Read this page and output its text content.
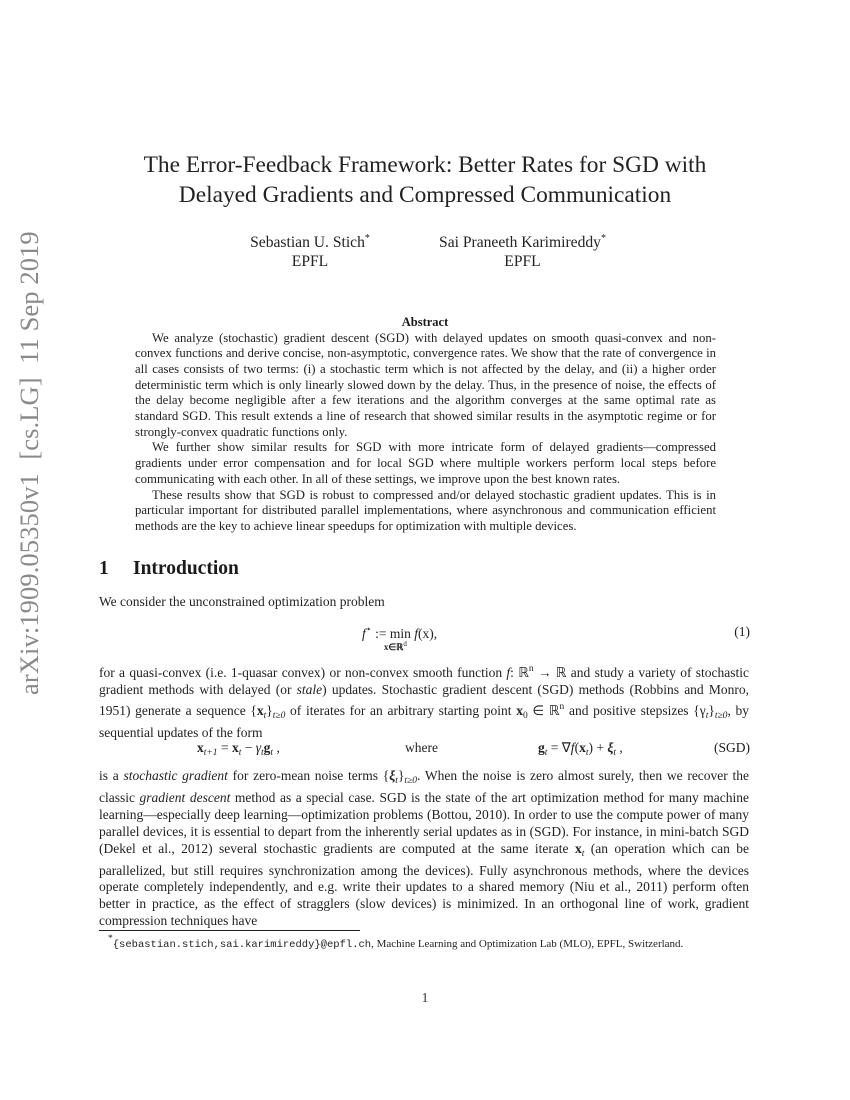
arXiv:1909.05350v1  [cs.LG]  11 Sep 2019
The Error-Feedback Framework: Better Rates for SGD with
Delayed Gradients and Compressed Communication
Sebastian U. Stich*
EPFL
Sai Praneeth Karimireddy*
EPFL
Abstract

We analyze (stochastic) gradient descent (SGD) with delayed updates on smooth quasi-convex and non-convex functions and derive concise, non-asymptotic, convergence rates. We show that the rate of convergence in all cases consists of two terms: (i) a stochastic term which is not affected by the delay, and (ii) a higher order deterministic term which is only linearly slowed down by the delay. Thus, in the presence of noise, the effects of the delay become negligible after a few iterations and the algorithm converges at the same optimal rate as standard SGD. This result extends a line of research that showed similar results in the asymptotic regime or for strongly-convex quadratic functions only.

We further show similar results for SGD with more intricate form of delayed gradients—compressed gradients under error compensation and for local SGD where multiple workers perform local steps before communicating with each other. In all of these settings, we improve upon the best known rates.

These results show that SGD is robust to compressed and/or delayed stochastic gradient updates. This is in particular important for distributed parallel implementations, where asynchronous and communication efficient methods are the key to achieve linear speedups for optimization with multiple devices.

1 Introduction
We consider the unconstrained optimization problem
f⋆ := min
x∈ℝ$^d$
f(x),	(1)

for a quasi-convex (i.e. 1-quasar convex) or non-convex smooth function f: ℝ$^n$ → ℝ and study a variety of stochastic gradient methods with delayed (or stale) updates. Stochastic gradient descent (SGD) methods (Robbins and Monro, 1951) generate a sequence $\{x_t\}_{t\ge 0}$ of iterates for an arbitrary starting point $x_0$ ∈ ℝ$^n$ and positive stepsizes $\{\gamma_t\}_{t\ge 0}$, by sequential updates of the form

$x_{t+1} = x_t - \gamma_tg_t$ ,	where	$g_t = \nabla f(x_t) + \xi_t$ ,	(SGD)

is a stochastic gradient for zero-mean noise terms $\{\xi_t\}_{t\ge 0}$. When the noise is zero almost surely, then we recover the classic gradient descent method as a special case. SGD is the state of the art optimization method for many machine learning—especially deep learning—optimization problems (Bottou, 2010). In order to use the compute power of many parallel devices, it is essential to depart from the inherently serial updates as in (SGD). For instance, in mini-batch SGD (Dekel et al., 2012) several stochastic gradients are computed at the same iterate $x_t$ (an operation which can be parallelized, but still requires synchronization among the devices). Fully asynchronous methods, where the devices operate completely independently, and e.g. write their updates to a shared memory (Niu et al., 2011) perform often better in practice, as the effect of stragglers (slow devices) is minimized. In an orthogonal line of work, gradient compression techniques have

*{sebastian.stich,sai.karimireddy}@epfl.ch, Machine Learning and Optimization Lab (MLO), EPFL, Switzerland.
1
